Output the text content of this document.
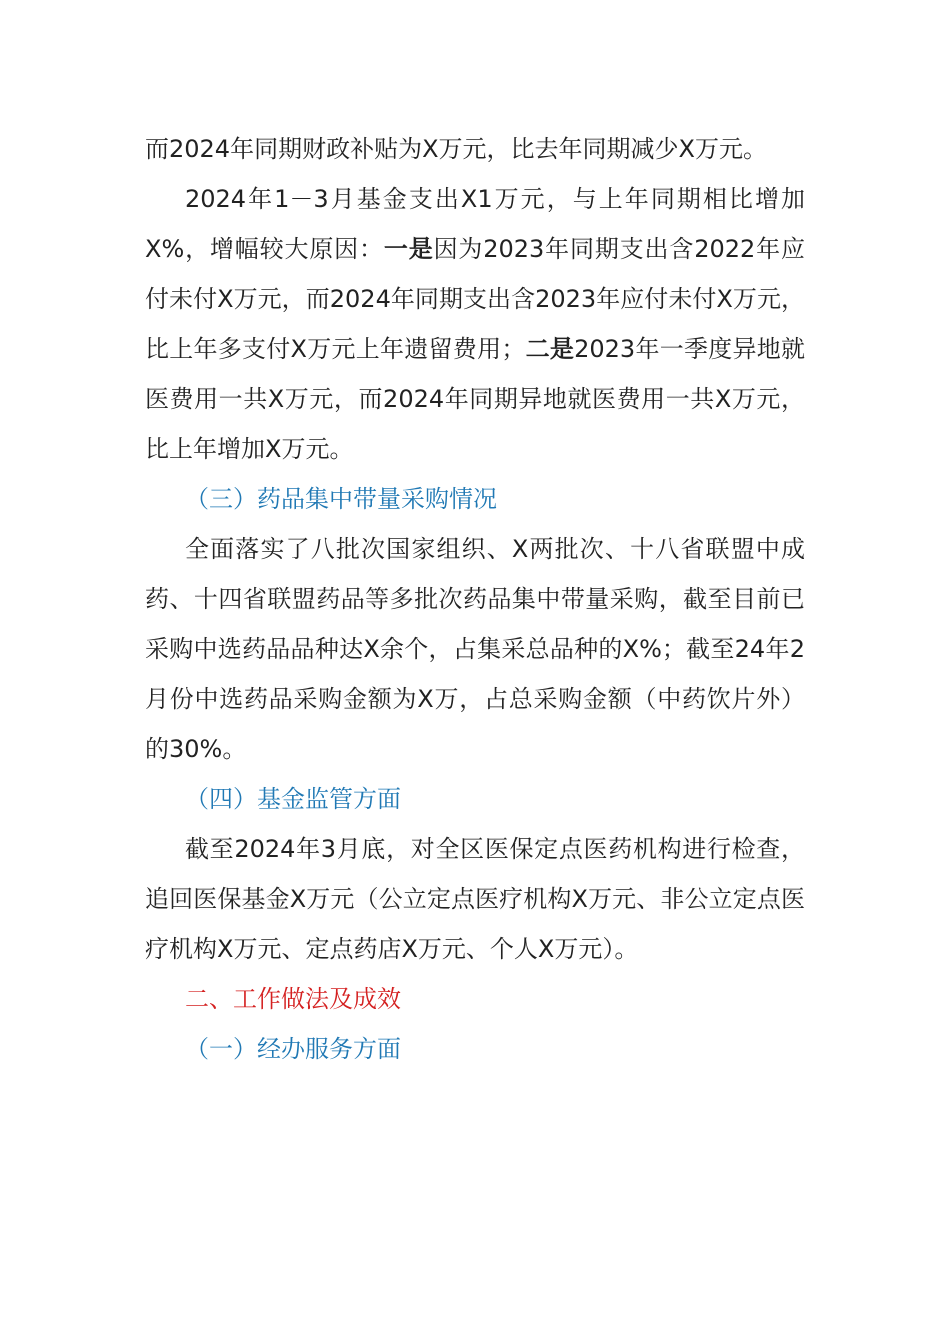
而2024年同期财政补贴为X万元，比去年同期减少X万元。

2024年1－3月基金支出X1万元，与上年同期相比增加X%，增幅较大原因：一是因为2023年同期支出含2022年应付未付X万元，而2024年同期支出含2023年应付未付X万元，比上年多支付X万元上年遗留费用；二是2023年一季度异地就医费用一共X万元，而2024年同期异地就医费用一共X万元，比上年增加X万元。

（三）药品集中带量采购情况

全面落实了八批次国家组织、X两批次、十八省联盟中成药、十四省联盟药品等多批次药品集中带量采购，截至目前已采购中选药品品种达X余个，占集采总品种的X%；截至24年2月份中选药品采购金额为X万，占总采购金额（中药饮片外）的30%。

（四）基金监管方面

截至2024年3月底，对全区医保定点医药机构进行检查，追回医保基金X万元（公立定点医疗机构X万元、非公立定点医疗机构X万元、定点药店X万元、个人X万元）。

二、工作做法及成效

（一）经办服务方面
